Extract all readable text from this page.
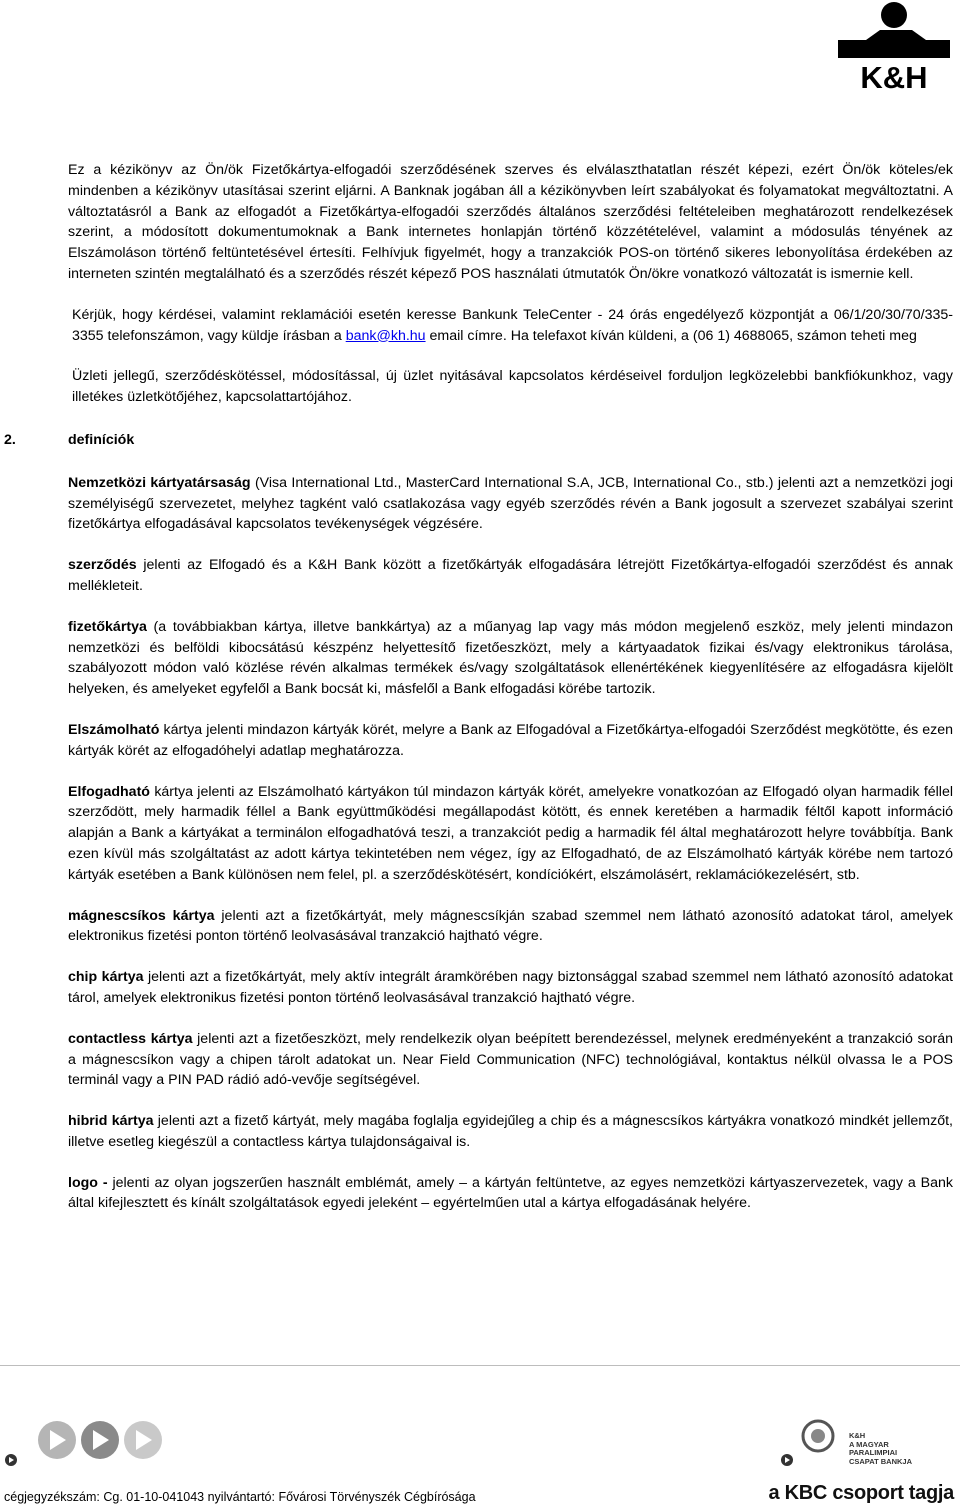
K&H

Ez a kézikönyv az Ön/ök Fizetőkártya-elfogadói szerződésének szerves és elválaszthatatlan részét képezi, ezért Ön/ök köteles/ek mindenben a kézikönyv utasításai szerint eljárni. A Banknak jogában áll a kézikönyvben leírt szabályokat és folyamatokat megváltoztatni. A változtatásról a Bank az elfogadót a Fizetőkártya-elfogadói szerződés általános szerződési feltételeiben meghatározott rendelkezések szerint, a módosított dokumentumoknak a Bank internetes honlapján történő közzétételével, valamint a módosulás tényének az Elszámoláson történő feltüntetésével értesíti. Felhívjuk figyelmét, hogy a tranzakciók POS-on történő sikeres lebonyolítása érdekében az interneten szintén megtalálható és a szerződés részét képező POS használati útmutatók Ön/ökre vonatkozó változatát is ismernie kell.

Kérjük, hogy kérdései, valamint reklamációi esetén keresse Bankunk TeleCenter - 24 órás engedélyező központját a 06/1/20/30/70/335-3355 telefonszámon, vagy küldje írásban a bank@kh.hu email címre. Ha telefaxot kíván küldeni, a (06 1) 4688065, számon teheti meg

Üzleti jellegű, szerződéskötéssel, módosítással, új üzlet nyitásával kapcsolatos kérdéseivel forduljon legközelebbi bankfiókunkhoz, vagy illetékes üzletkötőjéhez, kapcsolattartójához.

2.	definíciók

Nemzetközi kártyatársaság (Visa International Ltd., MasterCard International S.A, JCB, International Co., stb.) jelenti azt a nemzetközi jogi személyiségű szervezetet, melyhez tagként való csatlakozása vagy egyéb szerződés révén a Bank jogosult a szervezet szabályai szerint fizetőkártya elfogadásával kapcsolatos tevékenységek végzésére.

szerződés jelenti az Elfogadó és a K&H Bank között a fizetőkártyák elfogadására létrejött Fizetőkártya-elfogadói szerződést és annak mellékleteit.

fizetőkártya (a továbbiakban kártya, illetve bankkártya) az a műanyag lap vagy más módon megjelenő eszköz, mely jelenti mindazon nemzetközi és belföldi kibocsátású készpénz helyettesítő fizetőeszközt, mely a kártyaadatok fizikai és/vagy elektronikus tárolása, szabályozott módon való közlése révén alkalmas termékek és/vagy szolgáltatások ellenértékének kiegyenlítésére az elfogadásra kijelölt helyeken, és amelyeket egyfelől a Bank bocsát ki, másfelől a Bank elfogadási körébe tartozik.

Elszámolható kártya jelenti mindazon kártyák körét, melyre a Bank az Elfogadóval a Fizetőkártya-elfogadói Szerződést megkötötte, és ezen kártyák körét az elfogadóhelyi adatlap meghatározza.

Elfogadható kártya jelenti az Elszámolható kártyákon túl mindazon kártyák körét, amelyekre vonatkozóan az Elfogadó olyan harmadik féllel szerződött, mely harmadik féllel a Bank együttműködési megállapodást kötött, és ennek keretében a harmadik féltől kapott információ alapján a Bank a kártyákat a terminálon elfogadhatóvá teszi, a tranzakciót pedig a harmadik fél által meghatározott helyre továbbítja. Bank ezen kívül más szolgáltatást az adott kártya tekintetében nem végez, így az Elfogadható, de az Elszámolható kártyák körébe nem tartozó kártyák esetében a Bank különösen nem felel, pl. a szerződéskötésért, kondíciókért, elszámolásért, reklamációkezelésért, stb.

mágnescsíkos kártya jelenti azt a fizetőkártyát, mely mágnescsíkján szabad szemmel nem látható azonosító adatokat tárol, amelyek elektronikus fizetési ponton történő leolvasásával tranzakció hajtható végre.

chip kártya jelenti azt a fizetőkártyát, mely aktív integrált áramkörében nagy biztonsággal szabad szemmel nem látható azonosító adatokat tárol, amelyek elektronikus fizetési ponton történő leolvasásával tranzakció hajtható végre.

contactless kártya jelenti azt a fizetőeszközt, mely rendelkezik olyan beépített berendezéssel, melynek eredményeként a tranzakció során a mágnescsíkon vagy a chipen tárolt adatokat un. Near Field Communication (NFC) technológiával, kontaktus nélkül olvassa le a POS terminál vagy a PIN PAD rádió adó-vevője segítségével.

hibrid kártya jelenti azt a fizető kártyát, mely magába foglalja egyidejűleg a chip és a mágnescsíkos kártyákra vonatkozó mindkét jellemzőt, illetve esetleg kiegészül a contactless kártya tulajdonságaival is.

logo - jelenti az olyan jogszerűen használt emblémát, amely – a kártyán feltüntetve, az egyes nemzetközi kártyaszervezetek, vagy a Bank által kifejlesztett és kínált szolgáltatások egyedi jeleként – egyértelműen utal a kártya elfogadásának helyére.

K&H
A MAGYAR
PARALIMPIAI
CSAPAT BANKJA
cégjegyzékszám: Cg. 01-10-041043 nyilvántartó: Fővárosi Törvényszék Cégbírósága	a KBC csoport tagja
